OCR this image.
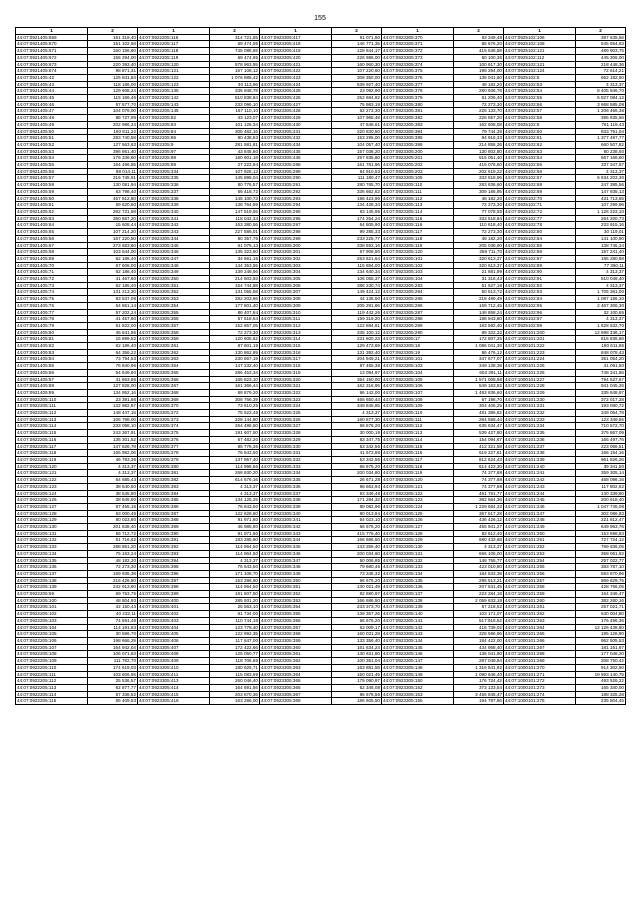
155
1	2	1	2	1	2	1	2	1	2
44:07:0921405:669	161 319,40	44:07:0922205:116	314 721,55	44:07:0923305:417	91 071,80	44:07:0923305:370	93 349,48	44:07:0925102:106	387 635,56
44:07:0921405:670	151 102,58	44:07:0922205:117	69 474,95	44:07:0923305:418	146 771,35	44:07:0923305:371	86 676,20	44:07:0925102:108	545 554,63
44:07:0921405:671	160 156,60	44:07:0922205:118	745 086,65	44:07:0923305:419	128 844,17	44:07:0923305:372	415 536,88	44:07:0925102:121	489 903,75
44:07:0921405:672	156 294,00	44:07:0922205:119	69 474,95	44:07:0923305:420	226 986,00	44:07:0923305:373	60 100,36	44:07:0925102:112	445 306,00
44:07:0921405:673	220 393,40	44:07:0922205:120	578 963,95	44:07:0923305:421	160 960,30	44:07:0923305:374	100 617,30	44:07:0925102:121	218 448,36
44:07:0921405:674	98 871,31	44:07:0922205:121	167 108,12	44:07:0923305:422	107 220,60	44:07:0923305:375	198 294,00	44:07:0925102:124	72 614,21
44:07:0921405:42	125 841,84	44:07:0922205:122	1 076 885,42	44:07:0923305:423	308 350,00	44:07:0923305:376	136 041,60	44:07:0925102:5	662 182,80
44:07:0921405:43	118 186,00	44:07:0922205:123	40 113,96	44:07:0923305:424	539 927,40	44:07:0923305:377	48 182,20	44:07:0925102:53	4 313,37
44:07:0921405:44	129 608,24	44:07:0922205:135	335 948,78	44:07:0923305:425	23 092,90	44:07:0923305:378	280 936,78	44:07:0925102:54	8 405 946,70
44:07:0921405:45	115 166,46	44:07:0922205:142	510 838,84	44:07:0923305:426	252 684,82	44:07:0923305:379	61 206,40	44:07:0925102:55	5 827 084,12
44:07:0921405:46	57 577,70	44:07:0922205:143	233 096,10	44:07:0923305:427	75 983,18	44:07:0923305:380	72 273,30	44:07:0925102:56	3 668 585,08
44:07:0921405:47	104 076,00	44:07:0922205:145	167 110,10	44:07:0923305:428	62 273,30	44:07:0923305:381	226 133,70	44:07:0925102:57	1 208 466,36
44:07:0921405:48	88 727,98	44:07:0922205:82	43 123,07	44:07:0923305:429	107 965,48	44:07:0923305:382	226 557,20	44:07:0925102:58	395 835,56
44:07:0921405:49	202 986,24	44:07:0922205:83	101 126,34	44:07:0923305:430	47 848,61	44:07:0923305:383	162 608,08	44:07:0925102:6	761 119,43
44:07:0921405:50	160 811,22	44:07:0922205:84	305 482,16	44:07:0923305:431	220 830,50	44:07:0923305:384	79 744,35	44:07:0925102:60	833 751,04
44:07:0921405:51	283 740,58	44:07:0922205:86	90 438,63	44:07:0923305:432	153 295,00	44:07:0923305:385	84 916,33	44:07:0925102:61	1 377 497,77
44:07:0921405:52	127 563,63	44:07:0922205:9	281 581,81	44:07:0923305:434	104 057,40	44:07:0923305:386	214 856,36	44:07:0925102:62	660 507,82
44:07:0921405:53	396 861,40	44:07:0922205:97	43 845,60	44:07:0923305:435	157 036,20	44:07:0923305:200	130 802,80	44:07:0925102:63	80 238,50
44:07:0921405:54	176 336,60	44:07:0922205:98	160 601,18	44:07:0923305:436	257 835,80	44:07:0923305:201	515 051,40	44:07:0925102:64	567 166,60
44:07:0921405:55	164 496,55	44:07:0922205:99	27 222,94	44:07:0923305:288	161 781,96	44:07:0923305:202	415 076,60	44:07:0925102:65	337 347,67
44:07:0921405:56	88 014,11	44:07:0923305:334	107 926,13	44:07:0923305:289	84 910,53	44:07:0923305:203	202 619,22	44:07:0925102:66	4 313,37
44:07:0921405:57	316 745,91	44:07:0923305:335	145 898,04	44:07:0923305:290	111 180,47	44:07:0923305:105	333 518,96	44:07:0925102:67	6 634 203,30
44:07:0921405:58	130 091,94	44:07:0923305:336	80 776,57	44:07:0923305:291	280 765,70	44:07:0923305:110	283 836,60	44:07:0925102:68	247 385,56
44:07:0921405:59	63 798,40	44:07:0923305:337	66 418,72	44:07:0923305:292	336 862,62	44:07:0923305:111	309 186,95	44:07:0925102:69	147 935,13
44:07:0921405:60	457 912,80	44:07:0923305:338	145 100,73	44:07:0923305:293	196 423,99	44:07:0923305:112	48 182,20	44:07:0925102:70	431 713,65
44:07:0921405:61	69 620,80	44:07:0923305:339	138 764,59	44:07:0923305:294	134 428,34	44:07:0923305:113	72 273,30	44:07:0925102:71	107 299,96
44:07:0921405:62	262 721,58	44:07:0923305:340	147 519,55	44:07:0923305:295	93 145,95	44:07:0923305:114	77 078,55	44:07:0925102:72	1 126 223,10
44:07:0921405:63	350 557,20	44:07:0923305:341	118 042,34	44:07:0923305:296	174 254,24	44:07:0923305:115	333 518,84	44:07:0925102:77	264 200,73
44:07:0921405:64	15 608,44	44:07:0923305:342	163 380,56	44:07:0923305:297	64 805,90	44:07:0923305:116	110 818,40	44:07:0925102:78	233 915,16
44:07:0921405:65	107 214,20	44:07:0923305:343	227 586,01	44:07:0923305:298	99 285,33	44:07:0923305:117	72 273,30	44:07:0925102:80	30 119,01
44:07:0921405:66	167 220,50	44:07:0923305:344	80 357,76	44:07:0923305:299	233 225,77	44:07:0923305:118	48 182,20	44:07:0925102:84	141 100,90
44:07:0921405:67	273 683,60	44:07:0923305:345	61 075,13	44:07:0923305:300	338 692,16	44:07:0923305:119	205 038,90	44:07:0925102:85	138 745,24
44:07:0921405:68	103 644,00	44:07:0923305:346	135 323,50	44:07:0923305:301	67 908,90	44:07:0923305:120	259 711,70	44:07:0925102:86	187 241,40
44:07:0921405:69	62 186,40	44:07:0923305:347	34 661,16	44:07:0923305:302	253 621,64	44:07:0923305:101	320 613,37	44:07:0925102:87	185 280,68
44:07:0921405:70	67 606,00	44:07:0923305:348	144 353,55	44:07:0923305:303	115 854,00	44:07:0923305:102	320 613,37	44:07:0925102:88	77 360,11
44:07:0921405:71	62 186,40	44:07:0923305:349	139 248,56	44:07:0923305:304	134 640,34	44:07:0923305:103	21 681,99	44:07:0925102:90	4 313,37
44:07:0921405:72	41 457,60	44:07:0923305:350	214 603,93	44:07:0923305:305	106 055,37	44:07:0923305:104	31 316,43	44:07:0925102:91	810 046,40
44:07:0921405:73	62 186,40	44:07:0923305:351	164 744,88	44:07:0923305:306	388 230,74	44:07:0923305:283	51 527,18	44:07:0925102:92	4 313,37
44:07:0921405:74	131 213,30	44:07:0923305:352	131 055,58	44:07:0923305:307	149 424,12	44:07:0923305:284	50 513,72	44:07:0925102:93	1 705 361,00
44:07:0921405:75	83 537,08	44:07:0923305:353	282 203,66	44:07:0923305:308	44 135,50	44:07:0923305:285	218 489,49	44:07:0925102:94	1 087 156,10
44:07:0921405:76	64 861,14	44:07:0923305:354	177 801,40	44:07:0923305:309	205 291,86	44:07:0923305:286	169 712,45	44:07:0925102:95	2 467 306,30
44:07:0921405:77	57 202,24	44:07:0923305:355	86 407,84	44:07:0923305:310	119 442,26	44:07:0923305:287	148 858,24	44:07:0925102:96	32 100,65
44:07:0921405:78	41 457,60	44:07:0923305:356	57 618,64	44:07:0923305:311	159 316,20	44:07:0923305:288	188 943,80	44:07:0925102:97	4 313,37
44:07:0921405:79	51 822,00	44:07:0923305:357	152 867,05	44:07:0923305:312	122 884,61	44:07:0923305:289	183 592,40	44:07:0925102:99	1 628 532,70
44:07:0921405:80	45 641,95	44:07:0923305:358	72 273,30	44:07:0923305:313	335 100,12	44:07:0923305:290	89 322,32	44:07:1000101:200	12 698 336,17
44:07:0921405:81	15 899,52	44:07:0923305:359	120 605,62	44:07:0923305:314	231 600,23	44:07:0923305:17	172 807,25	44:07:1000101:201	616 836,86
44:07:0921405:82	62 186,40	44:07:0923305:361	87 601,19	44:07:0923305:315	129 473,69	44:07:0923305:18	1 086 041,30	44:07:1000101:222	180 611,85
44:07:0921405:83	64 356,22	44:07:0923305:362	130 862,89	44:07:0923305:316	131 392,40	44:07:0923305:19	86 476,12	44:07:1000101:223	848 078,43
44:07:0921405:84	73 794,53	44:07:0923305:363	230 667,19	44:07:0923305:317	204 949,21	44:07:0923305:101	347 677,07	44:07:1000101:224	351 054,20
44:07:0921405:85	76 840,96	44:07:0923305:364	147 232,40	44:07:0923305:318	87 455,38	44:07:0923305:103	349 138,38	44:07:1000101:225	41 091,50
44:07:0921405:86	54 649,60	44:07:0923305:365	286 453,34	44:07:0923305:319	13 094,97	44:07:0923305:104	603 391,11	44:07:1000101:226	748 341,86
44:07:0921405:87	41 663,86	44:07:0923305:366	165 823,10	44:07:0923305:320	354 150,00	44:07:0923305:105	1 571 008,98	44:07:1000101:227	794 527,67
44:07:0921405:88	127 828,00	44:07:0923305:367	161 366,44	44:07:0923305:321	162 316,95	44:07:0923305:106	549 163,82	44:07:1000101:228	941 045,26
44:07:0921405:89	134 952,16	44:07:0923305:368	88 879,20	44:07:0923305:322	96 142,00	44:07:0923305:107	1 483 836,60	44:07:1000101:229	335 848,97
44:07:0922205:110	23 391,86	44:07:0923305:369	308 766,39	44:07:0923305:323	465 650,44	44:07:0923305:108	67 196,70	44:07:1000101:230	372 017,28
44:07:0922205:111	132 982,87	44:07:0923305:370	73 810,25	44:07:0923305:324	349 845,85	44:07:0923305:109	304 406,25	44:07:1000101:231	193 080,72
44:07:0922205:112	148 447,16	44:07:0923305:372	75 523,45	44:07:0923305:325	4 313,37	44:07:0923305:110	481 386,82	44:07:1000101:232	349 054,78
44:07:0922205:113	106 788,00	44:07:0923305:373	228 144,80	44:07:0923305:326	160 877,30	44:07:0923305:111	284 558,44	44:07:1000101:233	123 349,55
44:07:0922205:114	233 098,10	44:07:0923305:374	264 486,50	44:07:0923305:327	66 676,20	44:07:0923305:112	635 634,47	44:07:1000101:234	710 572,70
44:07:0922205:115	243 367,91	44:07:0923305:375	191 607,50	44:07:0923305:328	30 000,19	44:07:0923305:113	539 427,80	44:07:1000101:235	375 867,09
44:07:0922205:116	136 301,52	44:07:0923305:376	67 482,20	44:07:0923305:329	83 347,75	44:07:0923305:114	154 094,67	44:07:1000101:236	165 497,76
44:07:0922205:117	147 626,78	44:07:0923305:377	85 776,36	44:07:0923305:330	53 342,56	44:07:0923305:115	412 321,58	44:07:1000101:237	223 066,51
44:07:0922205:118	165 982,06	44:07:0923305:378	76 643,50	44:07:0923305:331	41 673,88	44:07:0923305:116	619 227,61	44:07:1000101:238	166 154,16
44:07:0922205:119	46 783,36	44:07:0923305:379	137 957,40	44:07:0923305:332	53 342,56	44:07:0923305:117	812 624,43	44:07:1000101:239	961 526,26
44:07:0922205:120	4 313,37	44:07:0923305:380	114 996,56	44:07:0923305:333	66 676,20	44:07:0923305:118	614 423,30	44:07:1000101:240	39 341,50
44:07:0922205:121	4 313,37	44:07:0923305:381	268 930,20	44:07:0923305:334	200 034,60	44:07:0923305:119	74 377,88	44:07:1000101:241	359 305,14
44:07:0922205:122	64 685,43	44:07:0923305:382	614 676,16	44:07:0923305:335	26 671,28	44:07:0923305:120	74 377,88	44:07:1000101:242	468 096,16
44:07:0922205:123	38 640,60	44:07:0923305:383	4 313,37	44:07:0923305:336	98 663,94	44:07:0923305:121	74 377,88	44:07:1000101:243	117 802,62
44:07:0922205:124	38 545,80	44:07:0923305:384	4 313,37	44:07:0923305:337	93 349,48	44:07:0923305:122	451 761,77	44:07:1000101:244	130 339,80
44:07:0922205:126	38 545,80	44:07:0923305:385	134 125,25	44:07:0923305:338	171 284,32	44:07:0923305:123	382 564,36	44:07:1000101:245	200 618,40
44:07:0922205:127	67 455,16	44:07:0923305:386	76 643,50	44:07:0923305:339	89 082,96	44:07:0923305:124	1 229 584,32	44:07:1000101:246	1 047 745,08
44:07:0922205:128	63 000,46	44:07:0923305:387	122 628,60	44:07:0923305:340	80 013,84	44:07:0923305:125	367 617,28	44:07:1000101:247	302 086,83
44:07:0922205:129	80 023,80	44:07:0923305:388	91 971,60	44:07:0923305:341	64 023,10	44:07:0923305:126	436 426,12	44:07:1000101:248	221 812,47
44:07:0922205:130	201 638,40	44:07:0923305:389	45 985,80	44:07:0923305:342	66 676,20	44:07:0923305:127	455 941,27	44:07:1000101:249	649 953,76
44:07:0922205:131	56 712,72	44:07:0923305:390	91 971,60	44:07:0923305:343	415 776,40	44:07:0923305:128	82 812,40	44:07:1000101:250	153 696,83
44:07:0922205:132	51 716,62	44:07:0923305:391	183 285,60	44:07:0923305:344	166 686,50	44:07:0923305:129	680 433,68	44:07:1000101:251	727 724,12
44:07:0922205:133	288 851,20	44:07:0923305:392	114 964,50	44:07:0923305:345	133 356,40	44:07:0923305:130	4 313,37	44:07:1000101:252	789 936,05
44:07:0922205:134	75 163,24	44:07:0923305:393	114 964,50	44:07:0923305:346	200 034,60	44:07:0923305:131	666 106,00	44:07:1000101:253	368 061,62
44:07:0922205:135	48 182,20	44:07:0923305:394	4 313,37	44:07:0923305:347	50 006,85	44:07:0923305:132	148 755,77	44:07:1000101:254	257 022,77
44:07:0922205:136	72 273,30	44:07:0923305:395	76 643,50	44:07:0923305:348	79 680,46	44:07:0923305:133	423 010,80	44:07:1000101:255	383 787,10
44:07:0922205:137	169 936,38	44:07:0923305:396	171 108,70	44:07:0923305:349	73 346,32	44:07:0923305:134	184 533,38	44:07:1000101:256	593 670,96
44:07:0922205:138	216 426,50	44:07:0923305:397	153 286,60	44:07:0923305:350	66 676,20	44:07:0923305:135	295 513,21	44:07:1000101:257	869 829,75
44:07:0922205:139	242 913,60	44:07:0923305:398	114 964,50	44:07:0923305:351	130 021,49	44:07:0923305:136	207 531,45	44:07:1000101:258	428 766,05
44:07:0922205:69	69 763,75	44:07:0923305:399	191 607,50	44:07:0923305:352	82 680,97	44:07:0923305:137	223 284,18	44:07:1000101:259	164 346,47
44:07:0922205:100	48 804,93	44:07:0923305:400	285 931,20	44:07:0923305:353	166 686,50	44:07:0923305:138	2 059 633,18	44:07:1000101:260	382 260,16
44:07:0922205:101	42 150,43	44:07:0923305:401	25 563,10	44:07:0923305:354	233 373,70	44:07:0923305:139	57 218,52	44:07:1000101:261	257 021,71
44:07:0922205:102	40 232,11	44:07:0923305:402	61 734,00	44:07:0923305:355	139 357,26	44:07:0923305:140	103 171,07	44:07:1000101:262	540 004,80
44:07:0922205:103	74 691,48	44:07:0923305:403	110 744,16	44:07:0923305:356	66 676,20	44:07:0923305:141	517 916,52	44:07:1000101:263	176 496,36
44:07:0922205:104	114 191,83	44:07:0923305:404	123 778,40	44:07:0923305:357	63 009,17	44:07:0923305:142	416 739,02	44:07:1000101:264	12 126 438,80
44:07:0922205:105	30 596,70	44:07:0923305:405	122 992,35	44:07:0923305:358	160 031,28	44:07:0923305:143	328 596,96	44:07:1000101:265	195 126,90
44:07:0922205:106	198 666,29	44:07:0923305:406	117 647,00	44:07:0923305:359	133 356,40	44:07:0923305:144	184 422,00	44:07:1000101:266	962 505,53
44:07:0922205:107	164 942,04	44:07:0923305:407	172 422,66	44:07:0923305:360	161 634,24	44:07:0923305:145	434 868,40	44:07:1000101:267	181 161,67
44:07:0922205:108	106 071,63	44:07:0923305:408	125 050,77	44:07:0923305:361	130 631,80	44:07:0923305:146	136 041,60	44:07:1000101:268	177 048,20
44:07:0922205:109	111 782,70	44:07:0923305:409	118 706,65	44:07:0923305:362	100 351,04	44:07:0923305:147	287 049,84	44:07:1000101:269	208 750,42
44:07:0922205:110	174 619,03	44:07:0923305:410	180 625,71	44:07:0923305:363	163 681,58	44:07:0923305:148	1 316 541,92	44:07:1000101:270	914 302,50
44:07:0922205:111	103 606,55	44:07:0923305:411	115 083,69	44:07:0923305:364	150 021,45	44:07:0923305:149	1 080 646,40	44:07:1000101:271	19 593 140,75
44:07:0922205:112	25 536,57	44:07:0923305:413	260 046,40	44:07:0923305:365	179 090,97	44:07:0923305:150	176 724,42	44:07:1000101:272	493 526,22
44:07:0922205:113	62 877,77	44:07:0923305:414	164 891,56	44:07:0923305:366	62 346,08	44:07:0923305:152	373 133,54	44:07:1000101:273	165 340,00
44:07:0922205:114	57 338,52	44:07:0923305:415	203 870,36	44:07:0923305:367	86 676,56	44:07:0923305:153	3 456 845,47	44:07:1000101:274	188 325,28
44:07:0922205:115	65 409,53	44:07:0923305:416	163 286,00	44:07:0923305:369	186 605,50	44:07:0923305:155	194 797,86	44:07:1000101:275	235 804,45
